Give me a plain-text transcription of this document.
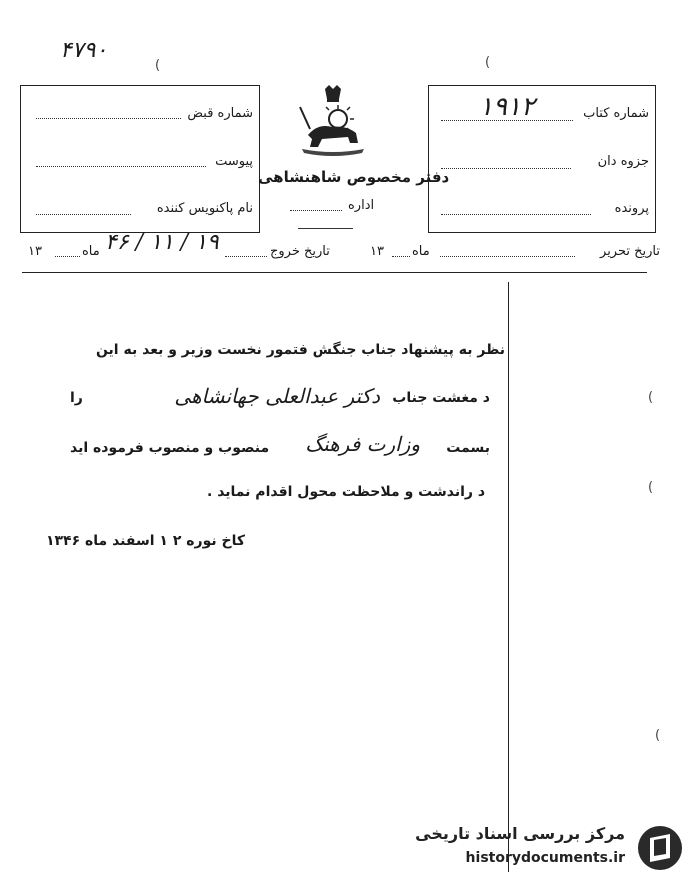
۴۷۹۰
(	(
شماره قبض
پیوست
نام پاکنویس کننده
دفتر مخصوص شاهنشاهی
اداره
۱۹۱۲	شماره کتاب
جزوه دان
پرونده
تاریخ تحریر
ماه
۱۳
تاریخ خروج
۱۹ / ۱۱ / ۴۶
ماه
۱۳
(
(
(
نظر به پیشنهاد جناب جنگش فتمور نخست وزیر و بعد به این
د مغشت جناب
دکتر عبدالعلی جهانشاهی
را
بسمت
وزارت فرهنگ
منصوب و منصوب فرموده اید
د راندشت و ملاحظت محول اقدام نماید .
کاخ نوره ۲ ۱ اسفند ماه ۱۳۴۶
مرکز بررسی اسناد تاریخی
historydocuments.ir
